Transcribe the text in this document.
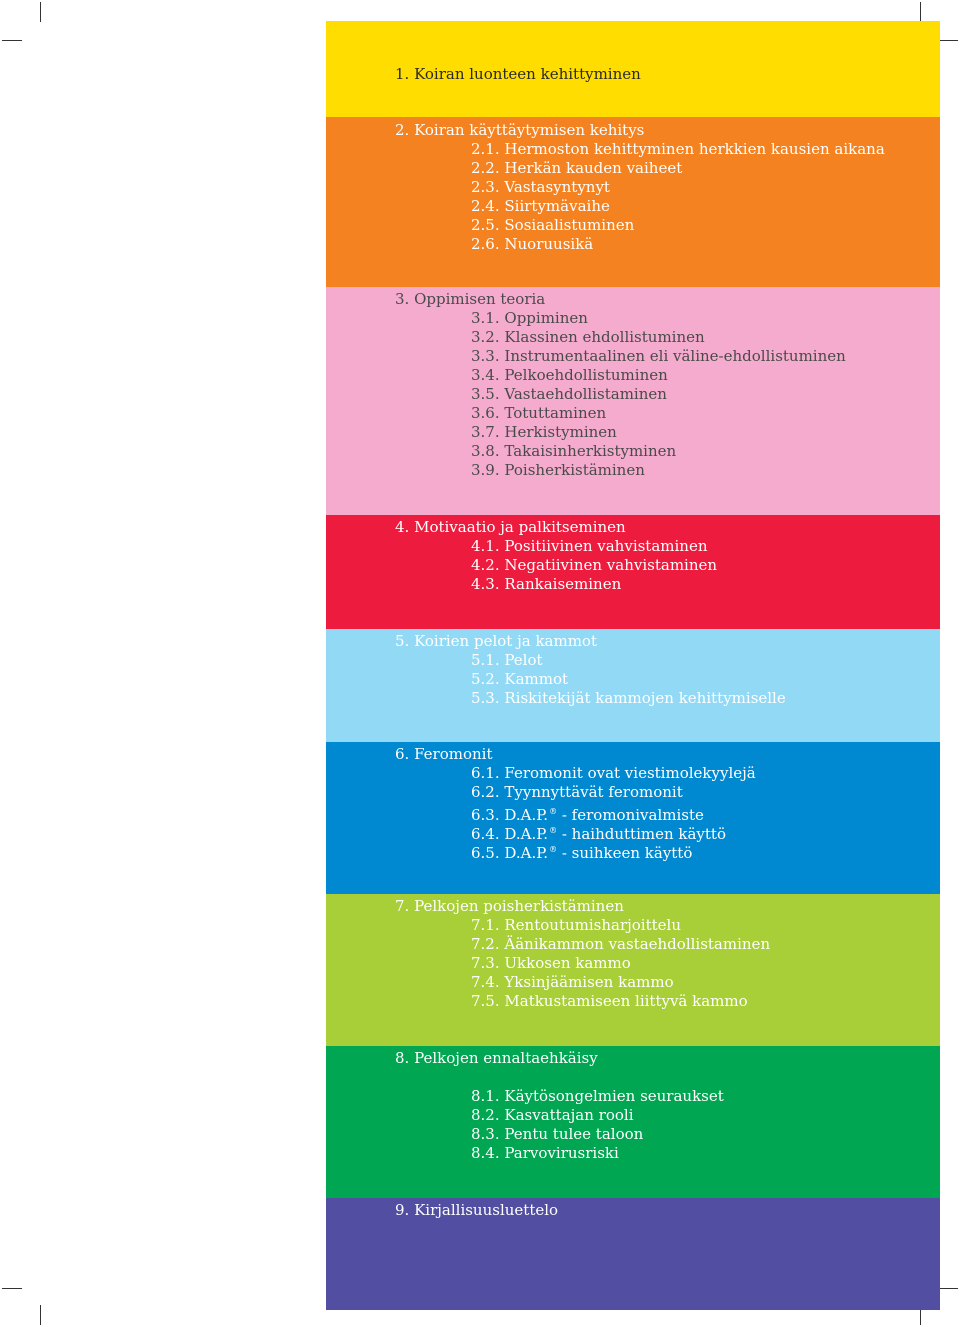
1. Koiran luonteen kehittyminen
2. Koiran käyttäytymisen kehitys
2.1. Hermoston kehittyminen herkkien kausien aikana
2.2. Herkän kauden vaiheet
2.3. Vastasyntynyt
2.4. Siirtymävaihe
2.5. Sosiaalistuminen
2.6. Nuoruusikä
3. Oppimisen teoria
3.1. Oppiminen
3.2. Klassinen ehdollistuminen
3.3. Instrumentaalinen eli väline-ehdollistuminen
3.4. Pelkoehdollistuminen
3.5. Vastaehdollistaminen
3.6. Totuttaminen
3.7. Herkistyminen
3.8. Takaisinherkistyminen
3.9. Poisherkistäminen
4. Motivaatio ja palkitseminen
4.1. Positiivinen vahvistaminen
4.2. Negatiivinen vahvistaminen
4.3. Rankaiseminen
5. Koirien pelot ja kammot
5.1. Pelot
5.2. Kammot
5.3. Riskitekijät kammojen kehittymiselle
6. Feromonit
6.1. Feromonit ovat viestimolekyylejä
6.2. Tyynnyttävät feromonit
6.3. D.A.P.® - feromonivalmiste
6.4. D.A.P.® - haihduttimen käyttö
6.5. D.A.P.® - suihkeen käyttö
7. Pelkojen poisherkistäminen
7.1. Rentoutumisharjoittelu
7.2. Äänikammon vastaehdollistaminen
7.3. Ukkosen kammo
7.4. Yksinjäämisen kammo
7.5. Matkustamiseen liittyvä kammo
8. Pelkojen ennaltaehkäisy
8.1. Käytösongelmien seuraukset
8.2. Kasvattajan rooli
8.3. Pentu tulee taloon
8.4. Parvovirusriski
9. Kirjallisuusluettelo
